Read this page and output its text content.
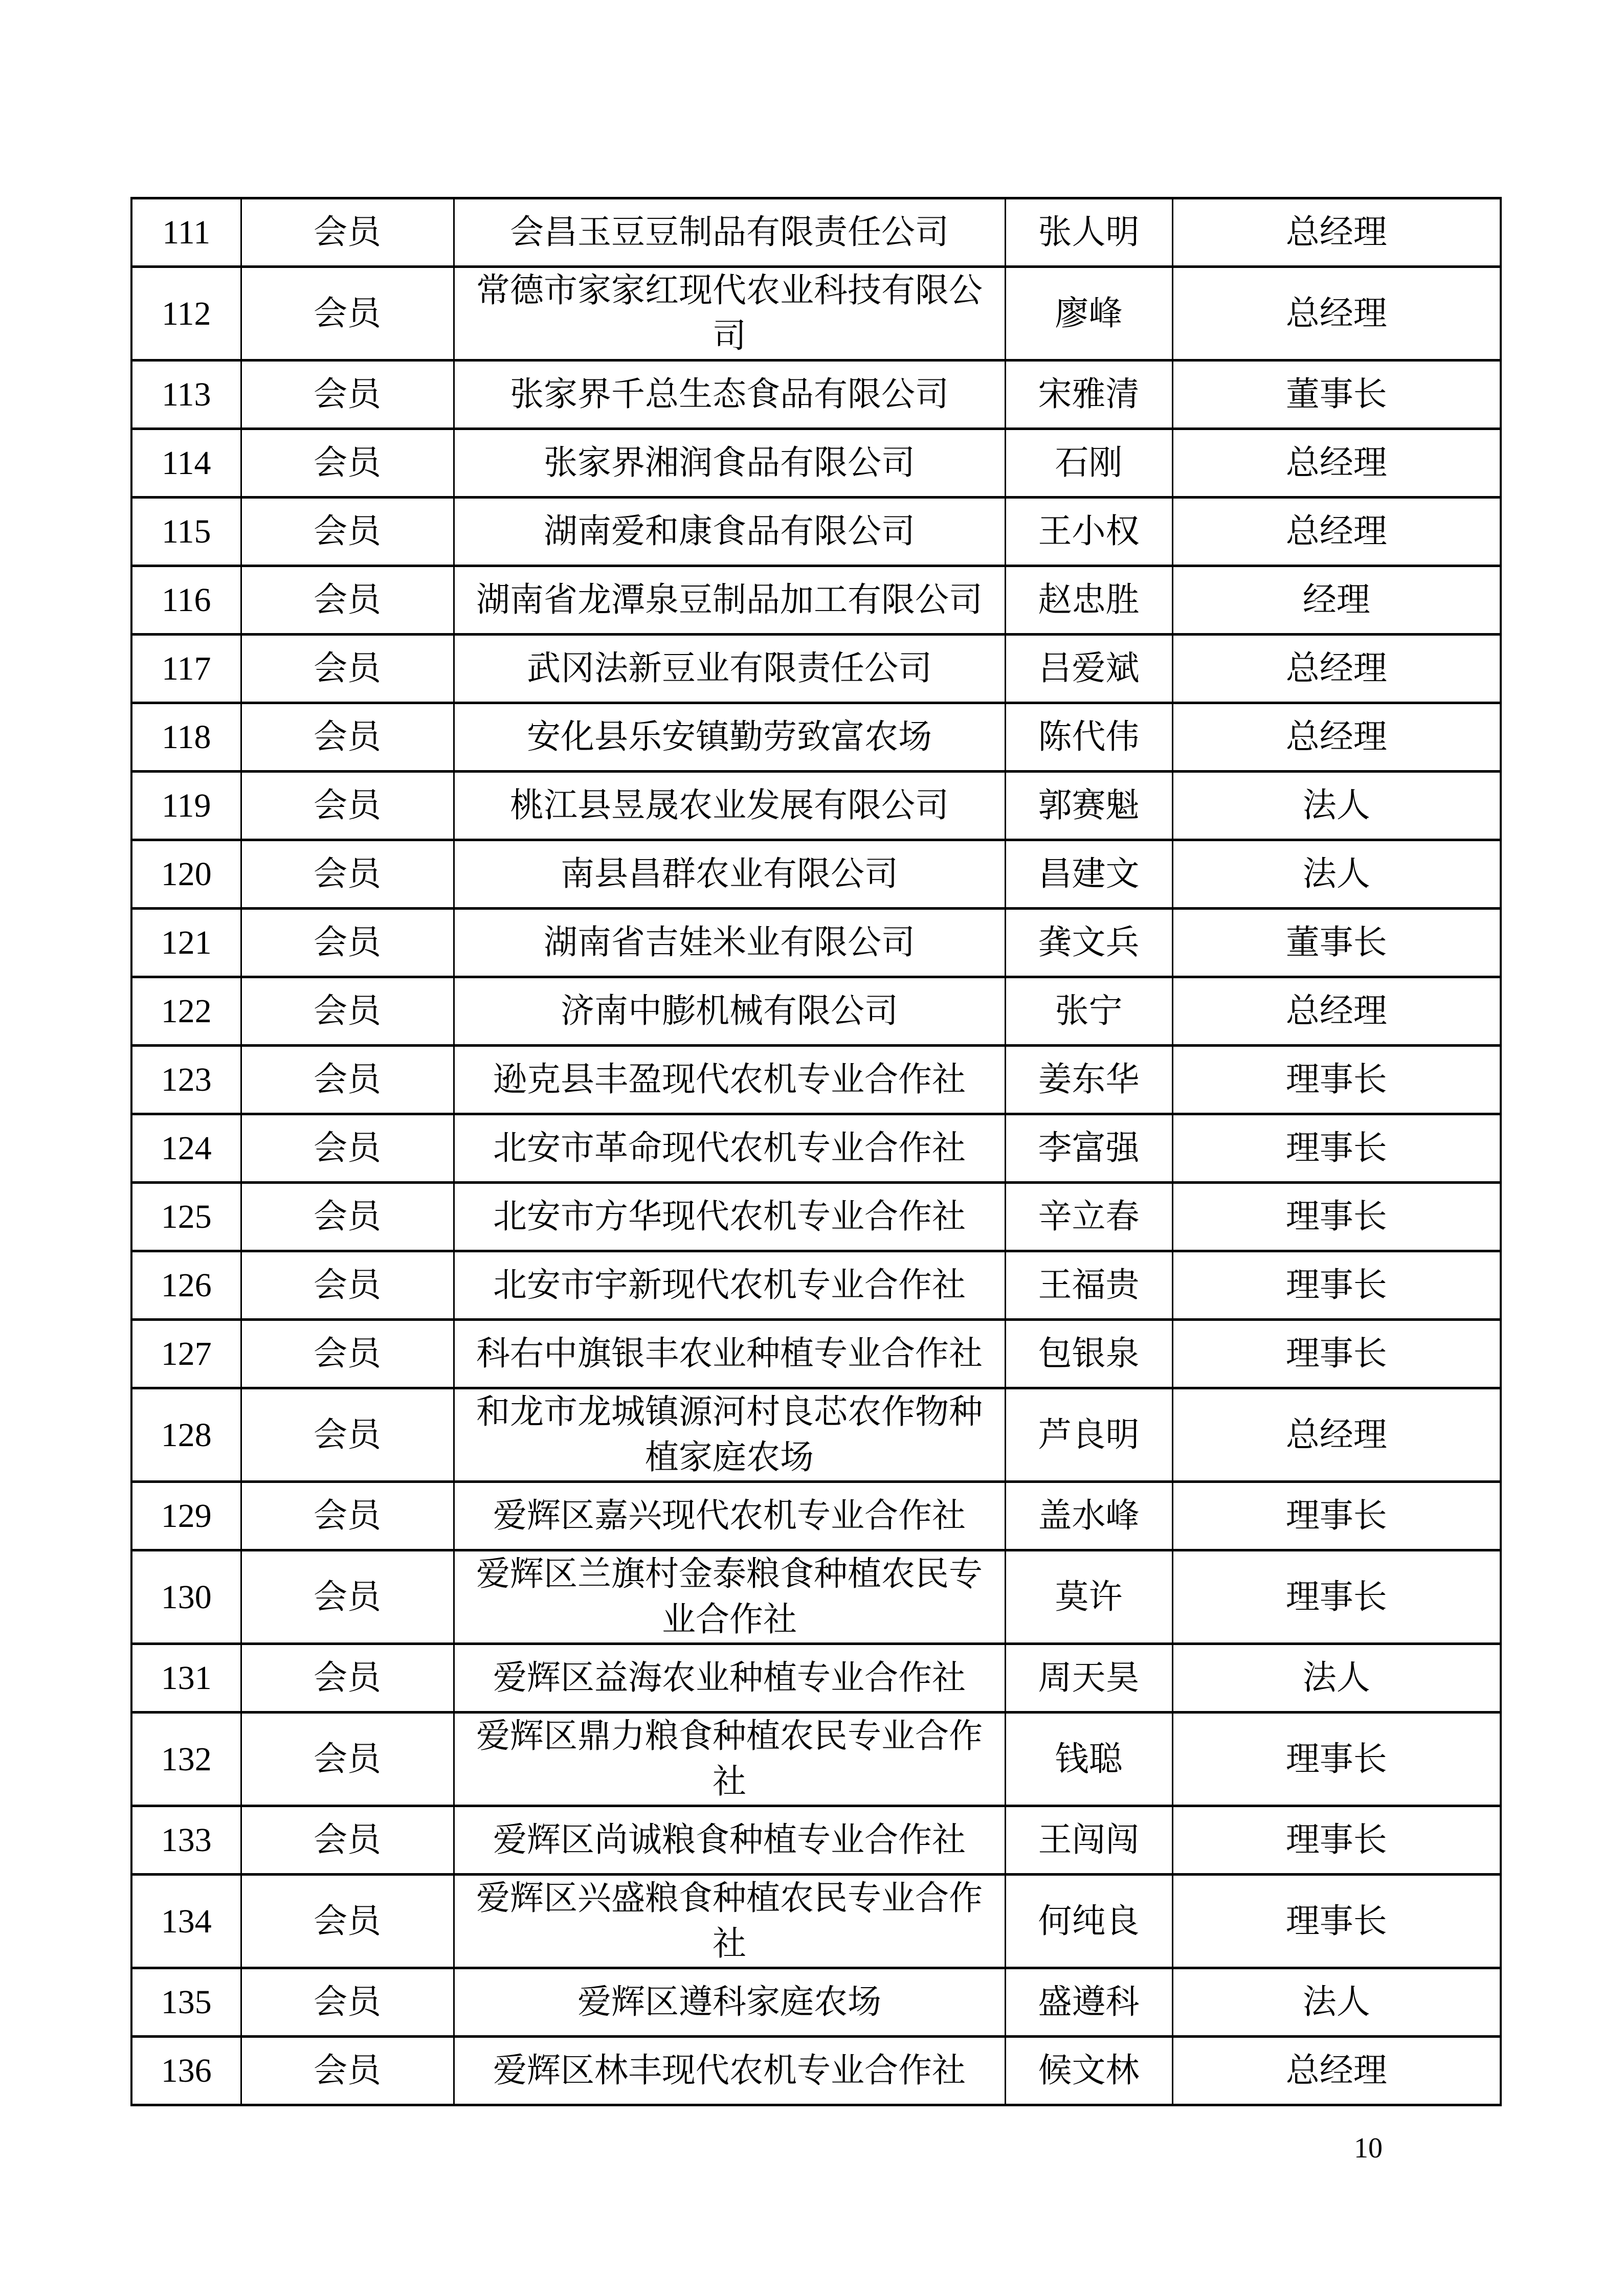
111	会员	会昌玉豆豆制品有限责任公司	张人明	总经理
112	会员	常德市家家红现代农业科技有限公司	廖峰	总经理
113	会员	张家界千总生态食品有限公司	宋雅清	董事长
114	会员	张家界湘润食品有限公司	石刚	总经理
115	会员	湖南爱和康食品有限公司	王小权	总经理
116	会员	湖南省龙潭泉豆制品加工有限公司	赵忠胜	经理
117	会员	武冈法新豆业有限责任公司	吕爱斌	总经理
118	会员	安化县乐安镇勤劳致富农场	陈代伟	总经理
119	会员	桃江县昱晟农业发展有限公司	郭赛魁	法人
120	会员	南县昌群农业有限公司	昌建文	法人
121	会员	湖南省吉娃米业有限公司	龚文兵	董事长
122	会员	济南中膨机械有限公司	张宁	总经理
123	会员	逊克县丰盈现代农机专业合作社	姜东华	理事长
124	会员	北安市革命现代农机专业合作社	李富强	理事长
125	会员	北安市方华现代农机专业合作社	辛立春	理事长
126	会员	北安市宇新现代农机专业合作社	王福贵	理事长
127	会员	科右中旗银丰农业种植专业合作社	包银泉	理事长
128	会员	和龙市龙城镇源河村良芯农作物种植家庭农场	芦良明	总经理
129	会员	爱辉区嘉兴现代农机专业合作社	盖水峰	理事长
130	会员	爱辉区兰旗村金泰粮食种植农民专业合作社	莫许	理事长
131	会员	爱辉区益海农业种植专业合作社	周天昊	法人
132	会员	爱辉区鼎力粮食种植农民专业合作社	钱聪	理事长
133	会员	爱辉区尚诚粮食种植专业合作社	王闯闯	理事长
134	会员	爱辉区兴盛粮食种植农民专业合作社	何纯良	理事长
135	会员	爱辉区遵科家庭农场	盛遵科	法人
136	会员	爱辉区林丰现代农机专业合作社	候文林	总经理
10
